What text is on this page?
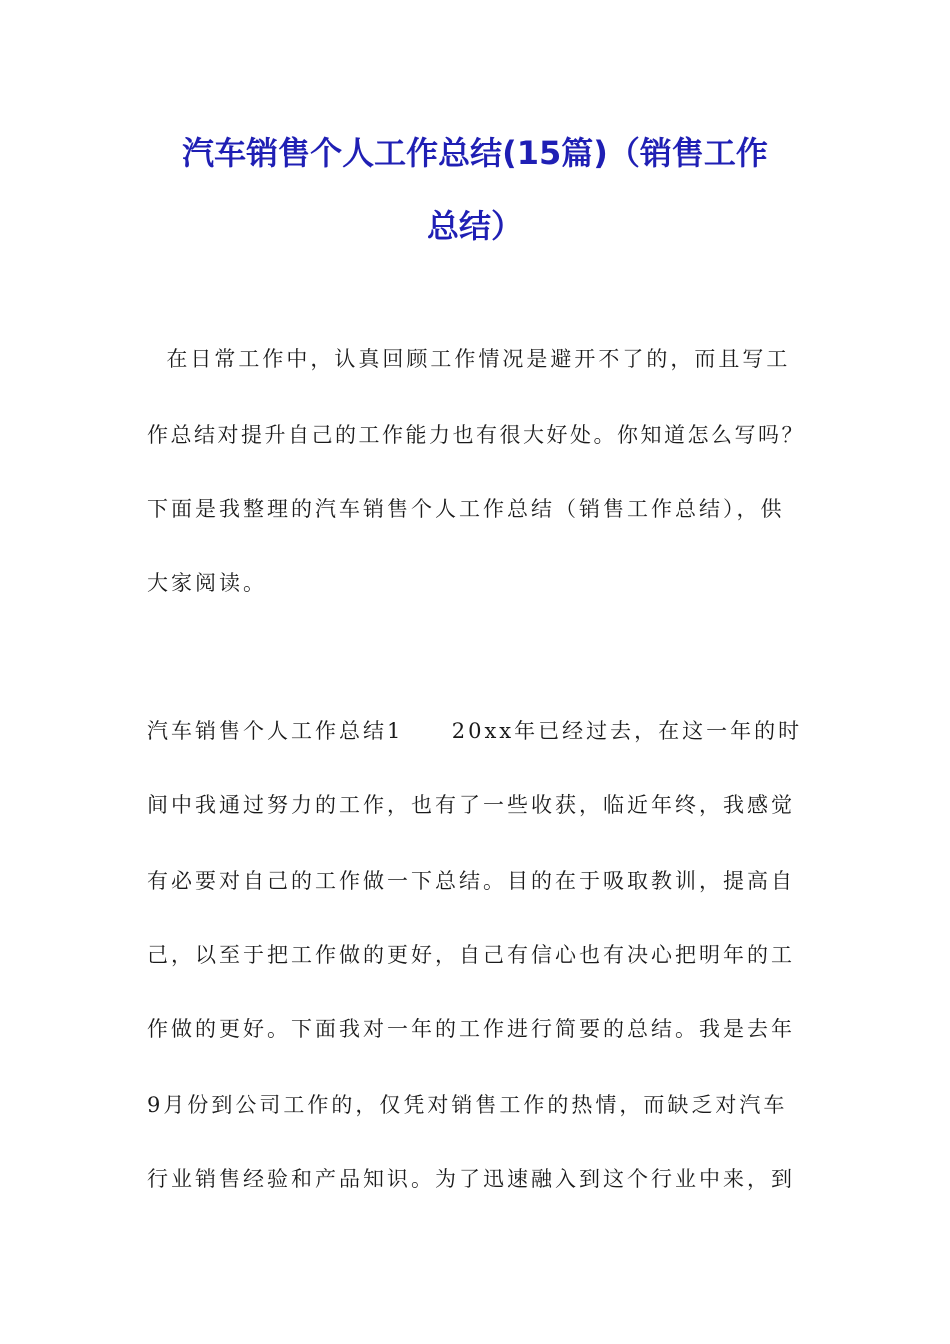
汽车销售个人工作总结(15篇)（销售工作
总结）
在日常工作中，认真回顾工作情况是避开不了的，而且写工
作总结对提升自己的工作能力也有很大好处。你知道怎么写吗？
下面是我整理的汽车销售个人工作总结（销售工作总结），供
大家阅读。
汽车销售个人工作总结1     20xx年已经过去，在这一年的时
间中我通过努力的工作，也有了一些收获，临近年终，我感觉
有必要对自己的工作做一下总结。目的在于吸取教训，提高自
己，以至于把工作做的更好，自己有信心也有决心把明年的工
作做的更好。下面我对一年的工作进行简要的总结。我是去年
9月份到公司工作的，仅凭对销售工作的热情，而缺乏对汽车
行业销售经验和产品知识。为了迅速融入到这个行业中来，到
